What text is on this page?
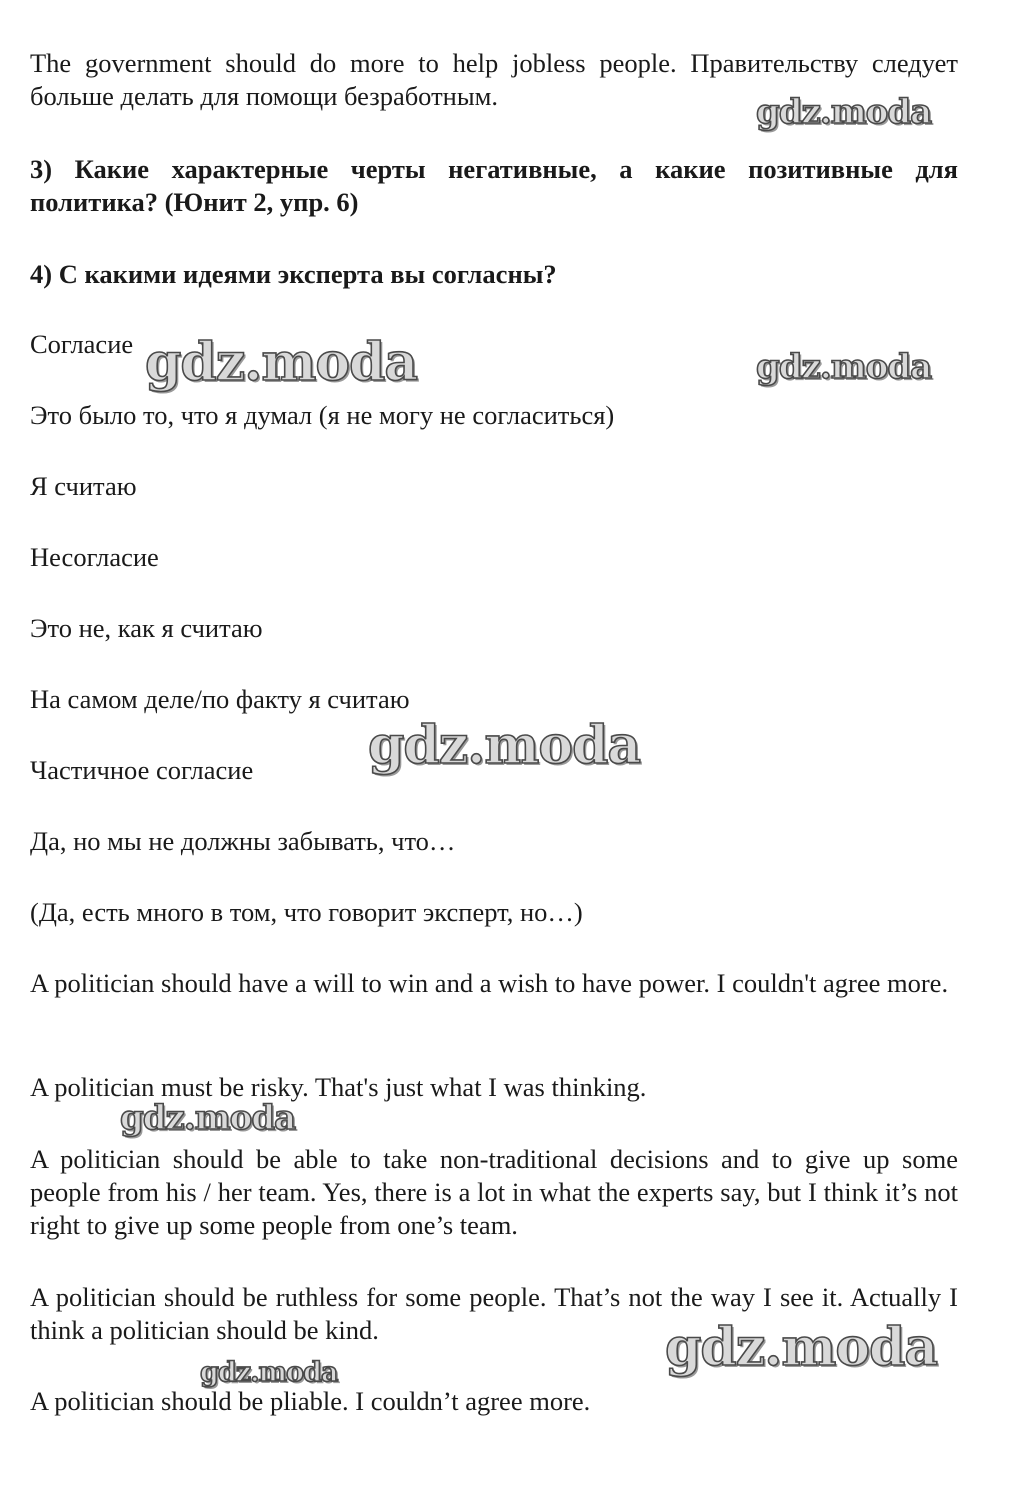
The government should do more to help jobless people. Правительству следует больше делать для помощи безработным.

3) Какие характерные черты негативные, а какие позитивные для политика? (Юнит 2, упр. 6)

4) С какими идеями эксперта вы согласны?

Согласие

Это было то, что я думал (я не могу не согласиться)

Я считаю

Несогласие

Это не, как я считаю

На самом деле/по факту я считаю

Частичное согласие

Да, но мы не должны забывать, что…

(Да, есть много в том, что говорит эксперт, но…)

A politician should have a will to win and a wish to have power. I couldn't agree more.

A politician must be risky. That's just what I was thinking.

A politician should be able to take non-traditional decisions and to give up some people from his / her team. Yes, there is a lot in what the experts say, but I think it’s not right to give up some people from one’s team.

A politician should be ruthless for some people. That’s not the way I see it. Actually I think a politician should be kind.

A politician should be pliable. I couldn’t agree more.

gdz.moda
gdz.moda	gdz.moda
gdz.moda
gdz.moda
gdz.moda
gdz.moda
